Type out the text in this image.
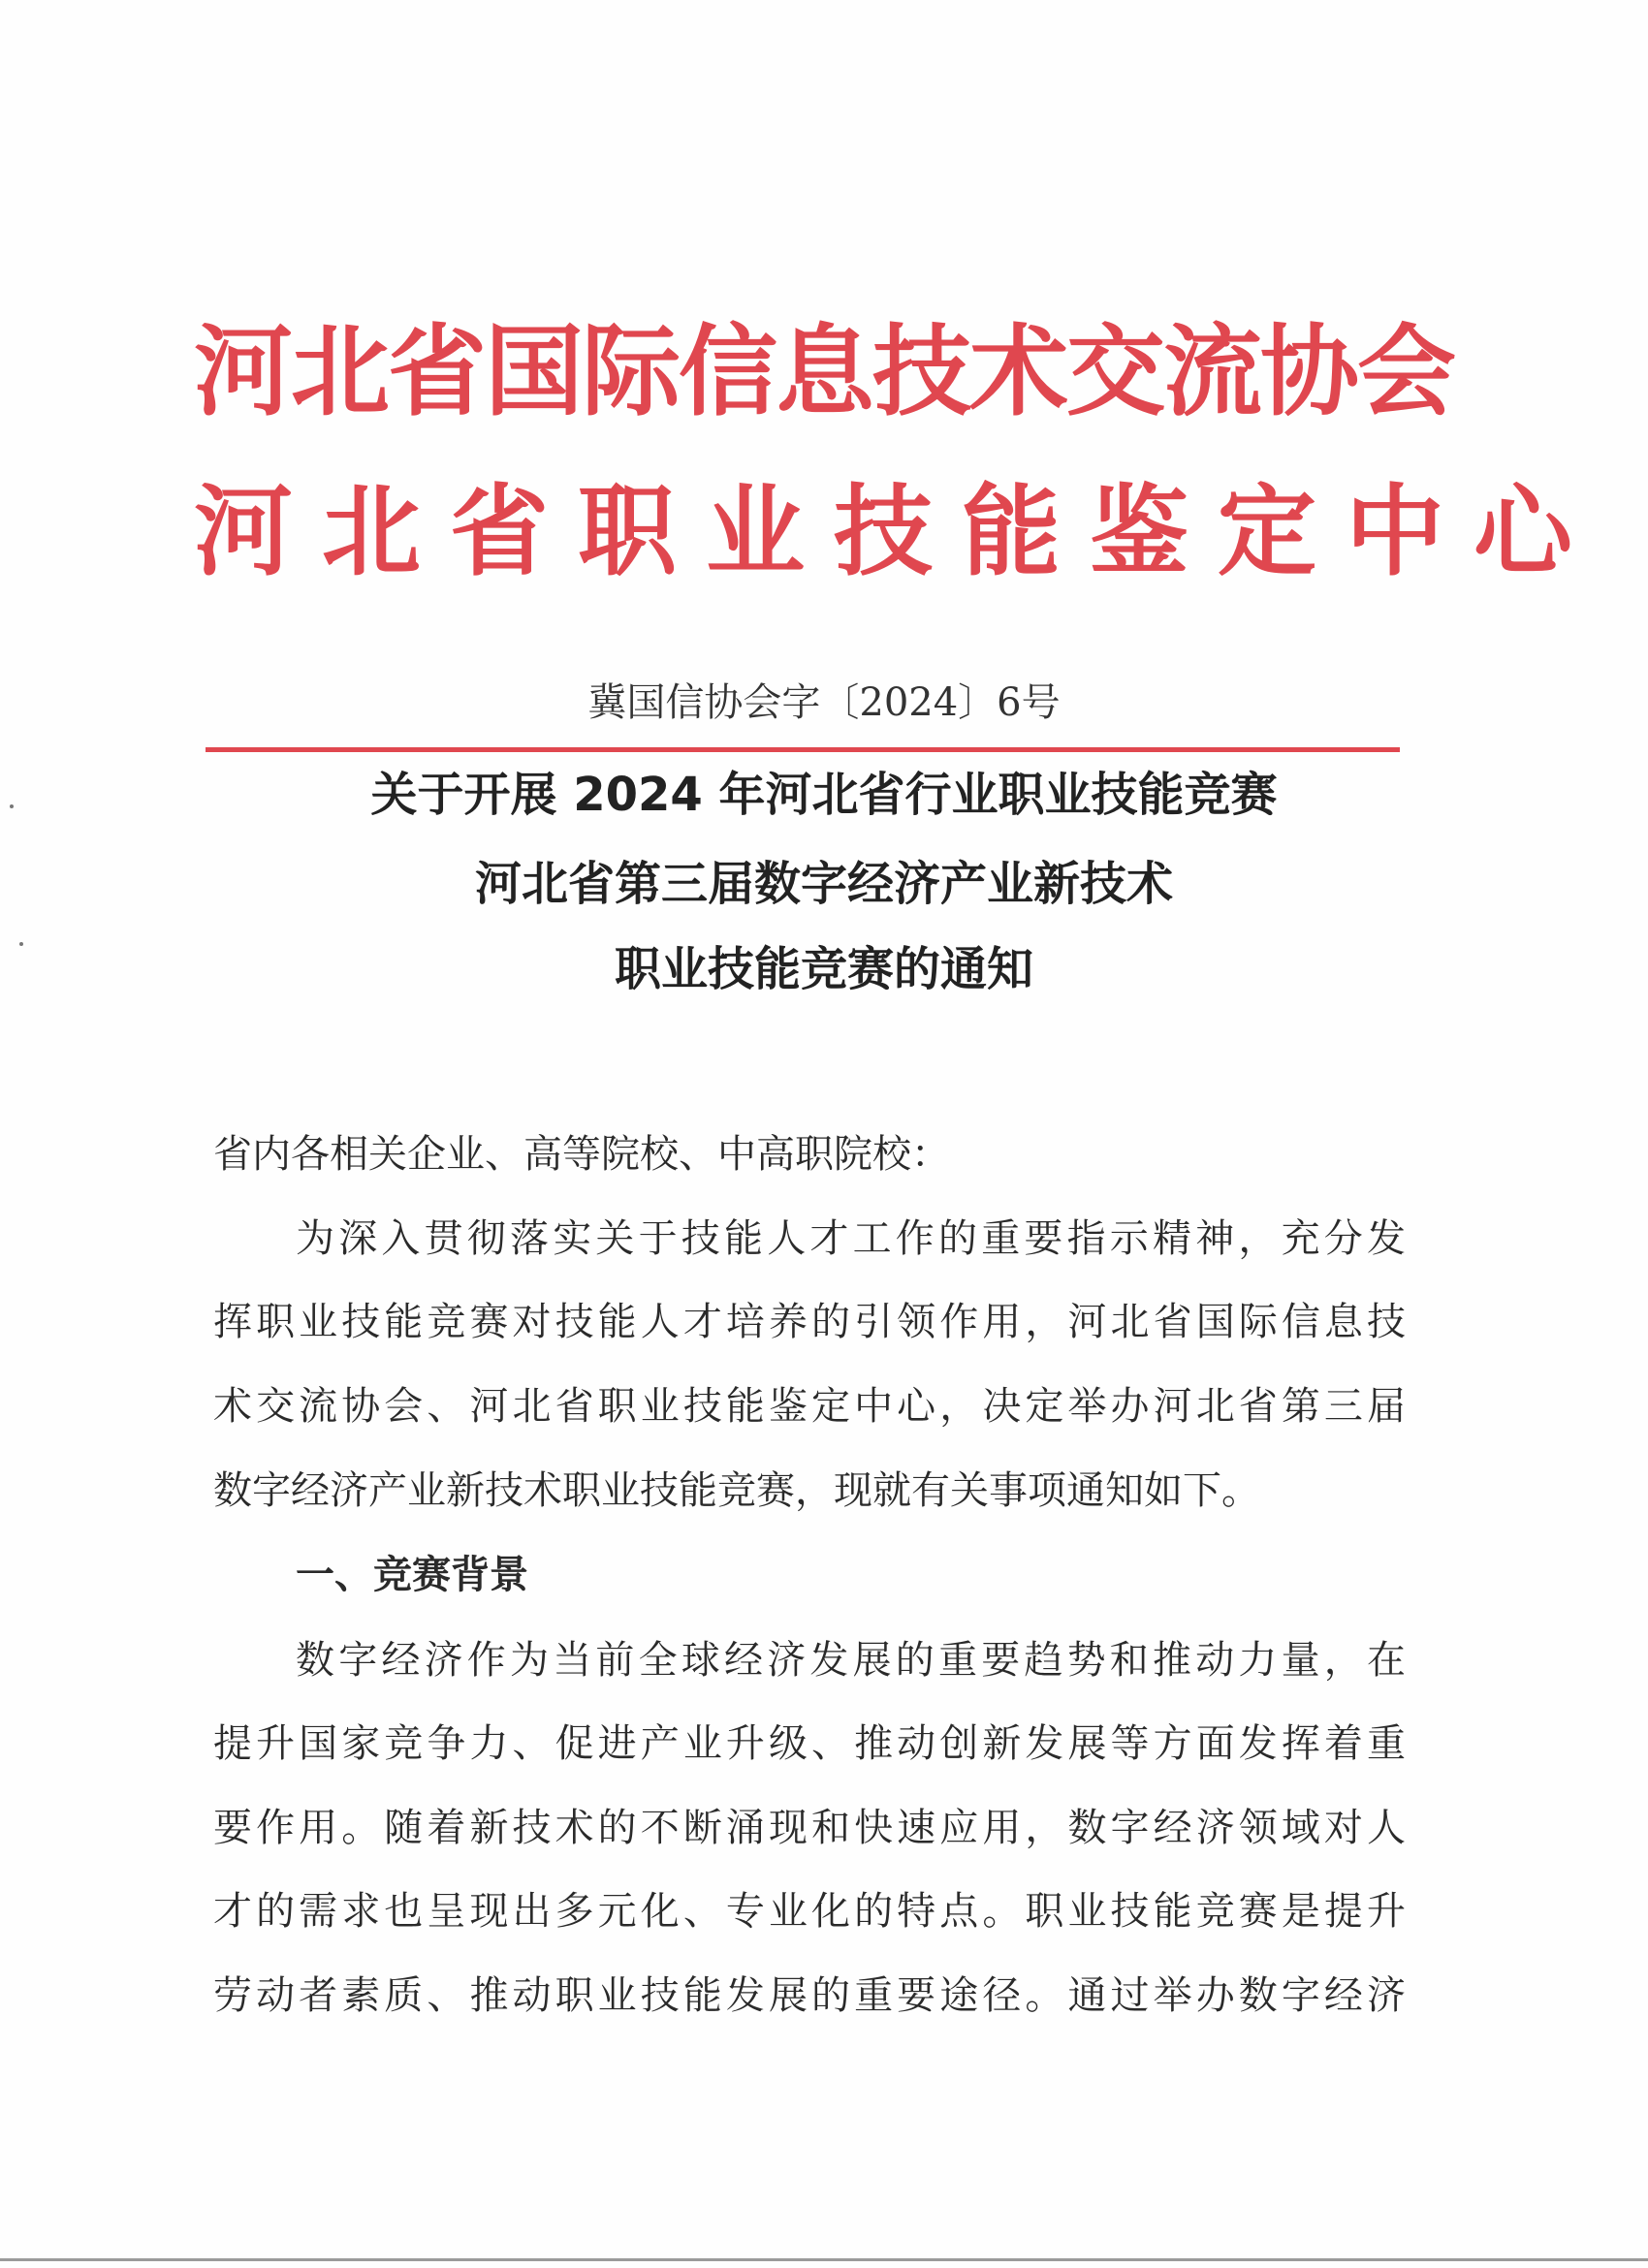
河北省国际信息技术交流协会
河北省职业技能鉴定中心
冀国信协会字〔2024〕6号
关于开展 2024 年河北省行业职业技能竞赛
河北省第三届数字经济产业新技术
职业技能竞赛的通知
省内各相关企业、高等院校、中高职院校：
为深入贯彻落实关于技能人才工作的重要指示精神，充分发
挥职业技能竞赛对技能人才培养的引领作用，河北省国际信息技
术交流协会、河北省职业技能鉴定中心，决定举办河北省第三届
数字经济产业新技术职业技能竞赛，现就有关事项通知如下。
一、竞赛背景
数字经济作为当前全球经济发展的重要趋势和推动力量，在
提升国家竞争力、促进产业升级、推动创新发展等方面发挥着重
要作用。随着新技术的不断涌现和快速应用，数字经济领域对人
才的需求也呈现出多元化、专业化的特点。职业技能竞赛是提升
劳动者素质、推动职业技能发展的重要途径。通过举办数字经济
